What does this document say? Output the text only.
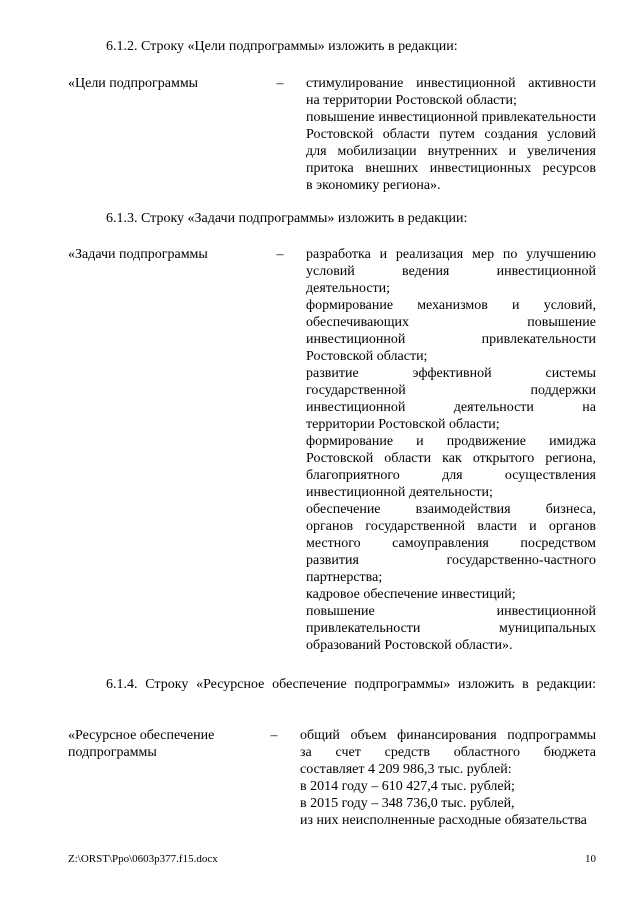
6.1.2. Строку «Цели подпрограммы» изложить в редакции:
«Цели подпрограммы	–	стимулирование инвестиционной активности
на территории Ростовской области;
повышение инвестиционной привлекательности
Ростовской области путем создания условий
для мобилизации внутренних и увеличения
притока внешних инвестиционных ресурсов
в экономику региона».
6.1.3. Строку «Задачи подпрограммы» изложить в редакции:
«Задачи подпрограммы	–	разработка и реализация мер по улучшению
условий ведения инвестиционной
деятельности;
формирование механизмов и условий,
обеспечивающих повышение
инвестиционной привлекательности
Ростовской области;
развитие эффективной системы
государственной поддержки
инвестиционной деятельности на
территории Ростовской области;
формирование и продвижение имиджа
Ростовской области как открытого региона,
благоприятного для осуществления
инвестиционной деятельности;
обеспечение взаимодействия бизнеса,
органов государственной власти и органов
местного самоуправления посредством
развития государственно-частного
партнерства;
кадровое обеспечение инвестиций;
повышение инвестиционной
привлекательности муниципальных
образований Ростовской области».
6.1.4. Строку «Ресурсное обеспечение подпрограммы» изложить в редакции:
«Ресурсное обеспечение
подпрограммы
–	общий объем финансирования подпрограммы
за счет средств областного бюджета
составляет 4 209 986,3 тыс. рублей:
в 2014 году – 610 427,4 тыс. рублей;
в 2015 году – 348 736,0 тыс. рублей,
из них неисполненные расходные обязательства
Z:\ORST\Ppo\0603p377.f15.docx	10
